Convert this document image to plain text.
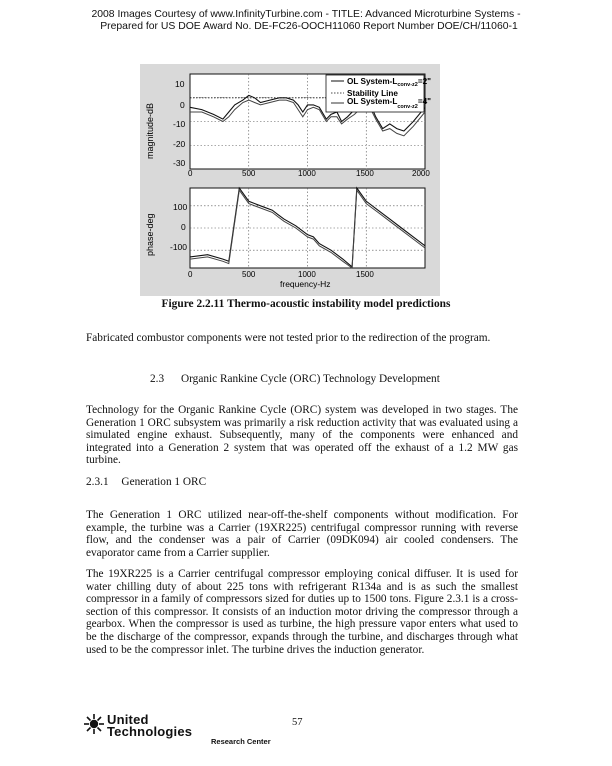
2008 Images Courtesy of www.InfinityTurbine.com - TITLE: Advanced Microturbine Systems -
Prepared for US DOE Award No. DE-FC26-OOCH11060 Report Number DOE/CH/11060-1
magnitude-dB
10
0
-10
-20
-30
0	500	1000	1500	2000
OL System-$L_{conv-z2}=2$"
Stability Line
OL System-$L_{conv-z2}=4$"
phase-deg
100
0
-100
0	500	1000	1500
frequency-Hz
Figure 2.2.11 Thermo-acoustic instability model predictions
Fabricated combustor components were not tested prior to the redirection of the program.
2.3 Organic Rankine Cycle (ORC) Technology Development
Technology for the Organic Rankine Cycle (ORC) system was developed in two stages. The Generation 1 ORC subsystem was primarily a risk reduction activity that was evaluated using a simulated engine exhaust. Subsequently, many of the components were enhanced and integrated into a Generation 2 system that was operated off the exhaust of a 1.2 MW gas turbine.
2.3.1 Generation 1 ORC
The Generation 1 ORC utilized near-off-the-shelf components without modification. For example, the turbine was a Carrier (19XR225) centrifugal compressor running with reverse flow, and the condenser was a pair of Carrier (09DK094) air cooled condensers. The evaporator came from a Carrier supplier.
The 19XR225 is a Carrier centrifugal compressor employing conical diffuser. It is used for water chilling duty of about 225 tons with refrigerant R134a and is as such the smallest compressor in a family of compressors sized for duties up to 1500 tons. Figure 2.3.1 is a cross-section of this compressor. It consists of an induction motor driving the compressor through a gearbox. When the compressor is used as turbine, the high pressure vapor enters what used to be the discharge of the compressor, expands through the turbine, and discharges through what used to be the compressor inlet. The turbine drives the induction generator.
United
Technologies
Research Center
57
